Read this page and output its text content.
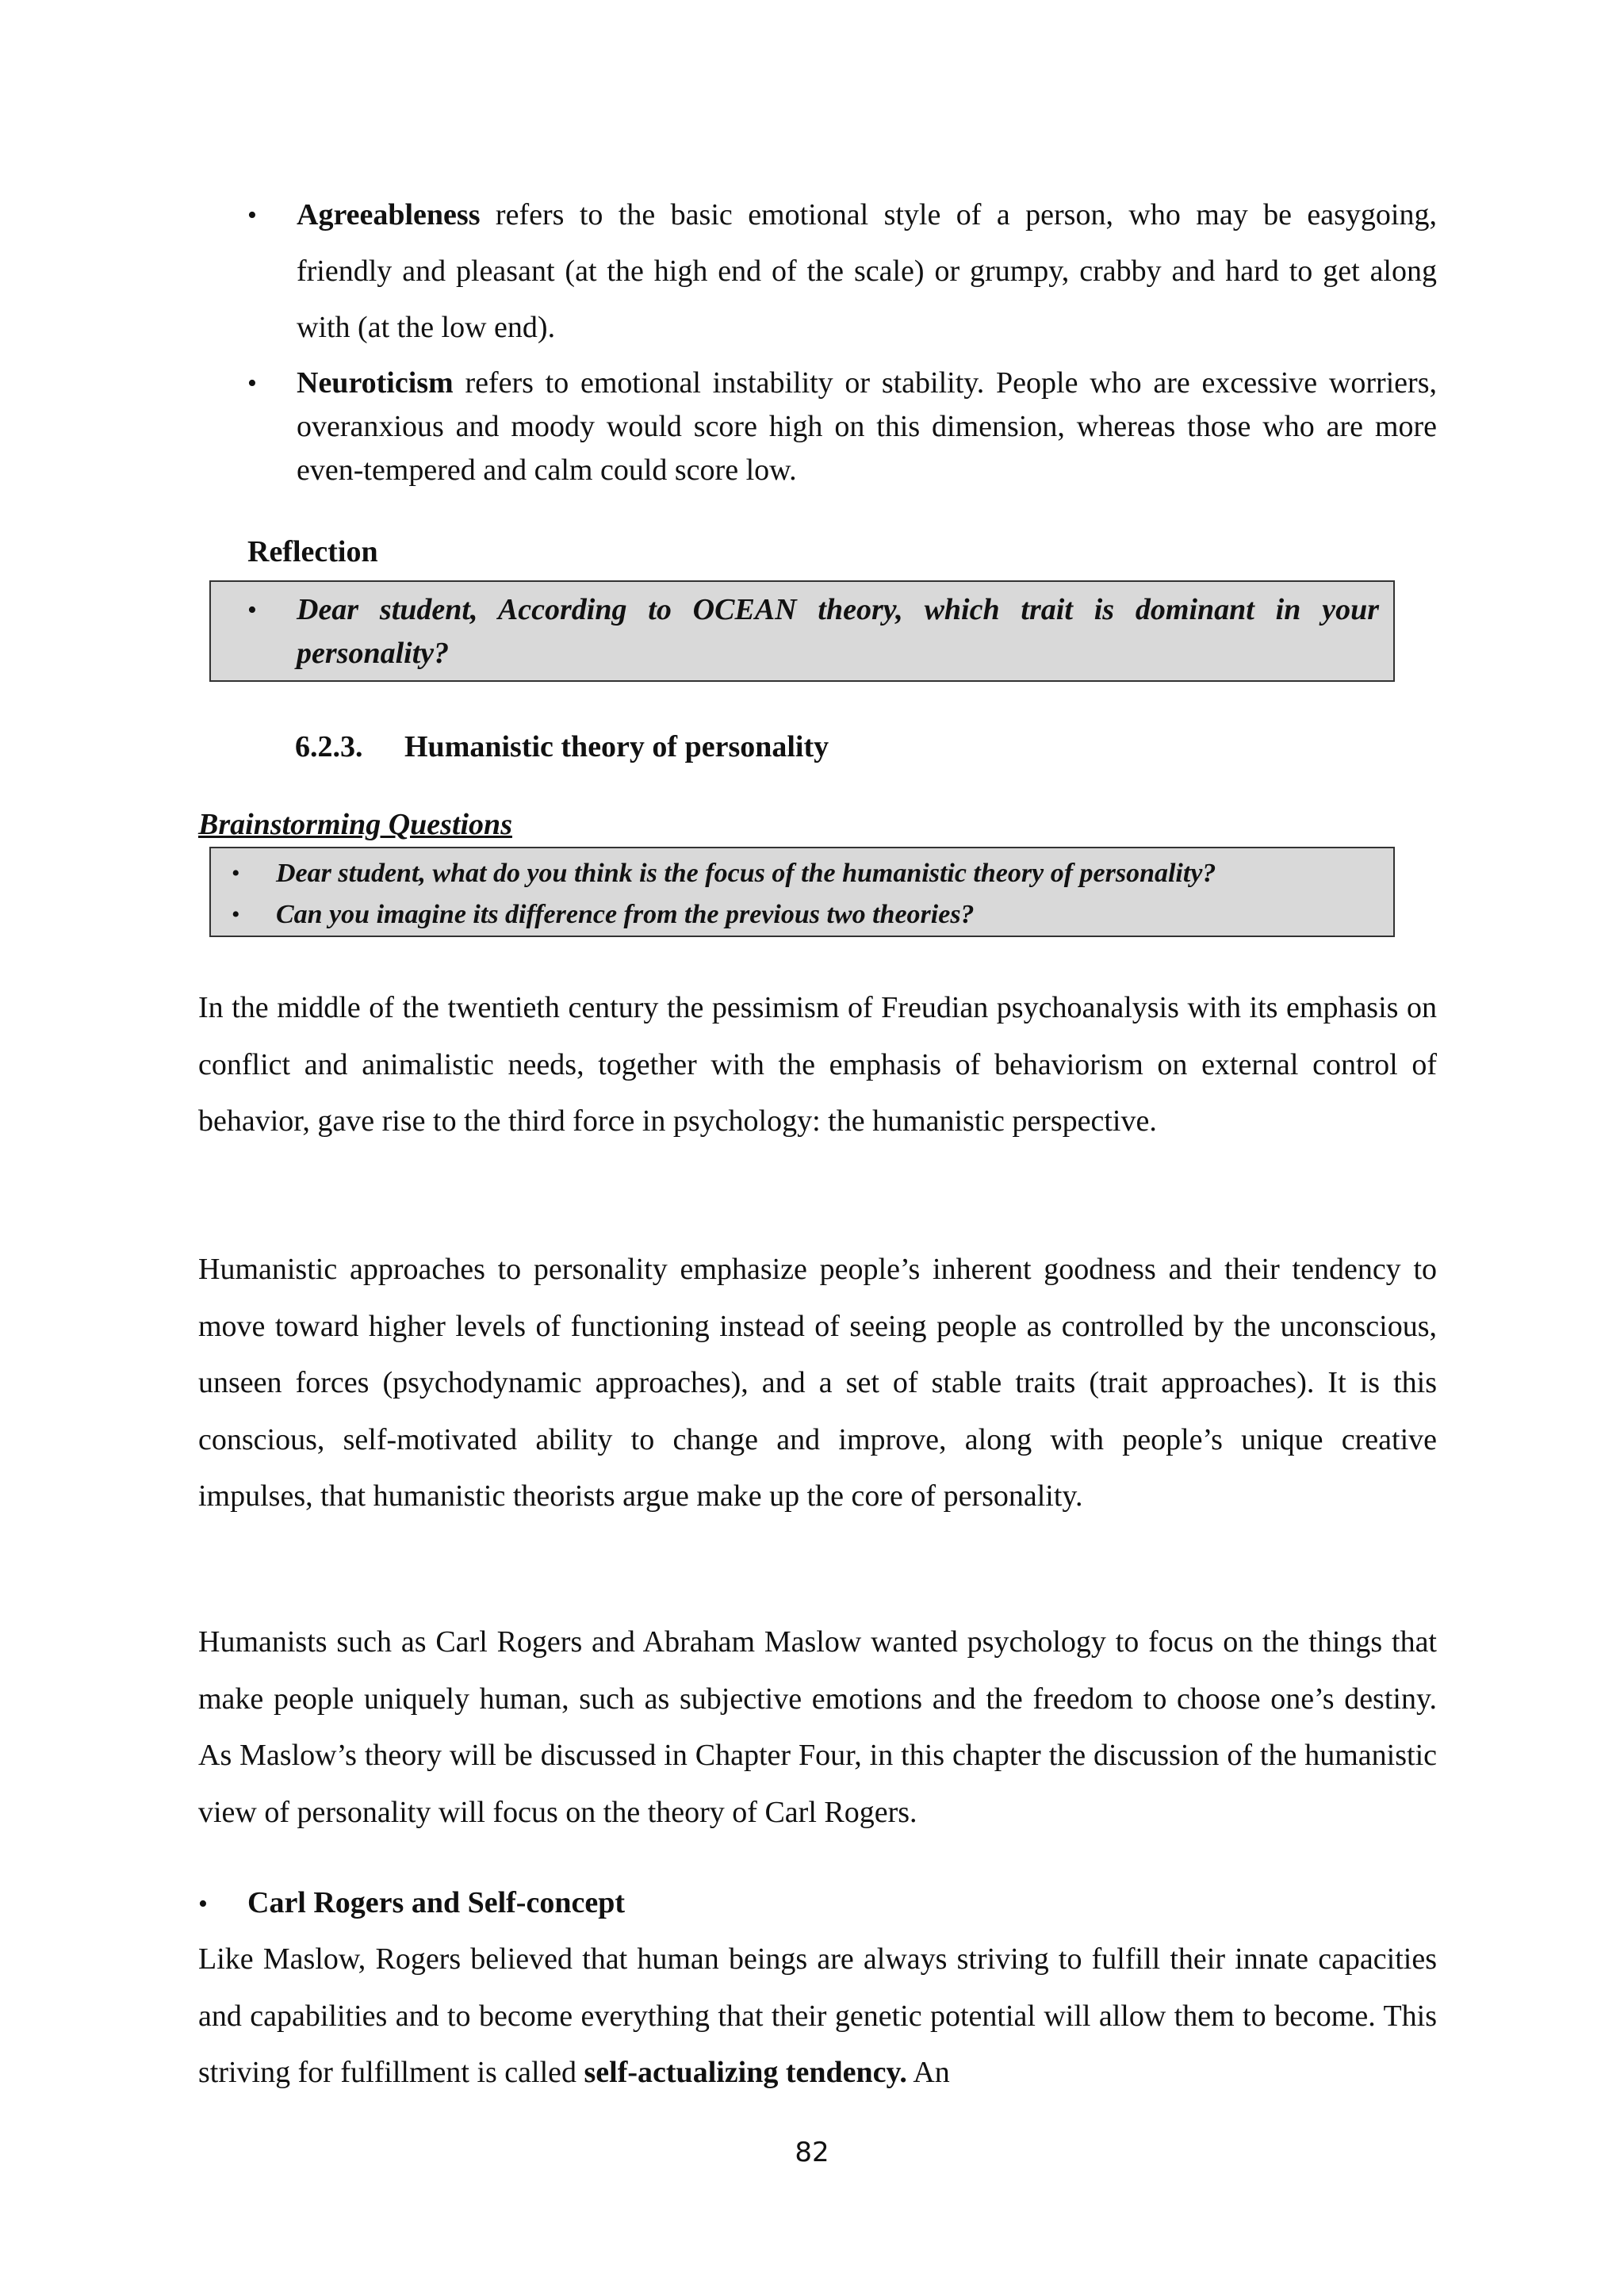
• Agreeableness refers to the basic emotional style of a person, who may be easygoing, friendly and pleasant (at the high end of the scale) or grumpy, crabby and hard to get along with (at the low end).
• Neuroticism refers to emotional instability or stability. People who are excessive worriers, overanxious and moody would score high on this dimension, whereas those who are more even-tempered and calm could score low.
Reflection
• Dear student, According to OCEAN theory, which trait is dominant in your personality?
6.2.3. Humanistic theory of personality
Brainstorming Questions
• Dear student, what do you think is the focus of the humanistic theory of personality?
• Can you imagine its difference from the previous two theories?

In the middle of the twentieth century the pessimism of Freudian psychoanalysis with its emphasis on conflict and animalistic needs, together with the emphasis of behaviorism on external control of behavior, gave rise to the third force in psychology: the humanistic perspective.

Humanistic approaches to personality emphasize people’s inherent goodness and their tendency to move toward higher levels of functioning instead of seeing people as controlled by the unconscious, unseen forces (psychodynamic approaches), and a set of stable traits (trait approaches). It is this conscious, self-motivated ability to change and improve, along with people’s unique creative impulses, that humanistic theorists argue make up the core of personality.

Humanists such as Carl Rogers and Abraham Maslow wanted psychology to focus on the things that make people uniquely human, such as subjective emotions and the freedom to choose one’s destiny. As Maslow’s theory will be discussed in Chapter Four, in this chapter the discussion of the humanistic view of personality will focus on the theory of Carl Rogers.

• Carl Rogers and Self-concept

Like Maslow, Rogers believed that human beings are always striving to fulfill their innate capacities and capabilities and to become everything that their genetic potential will allow them to become. This striving for fulfillment is called self-actualizing tendency. An

82
